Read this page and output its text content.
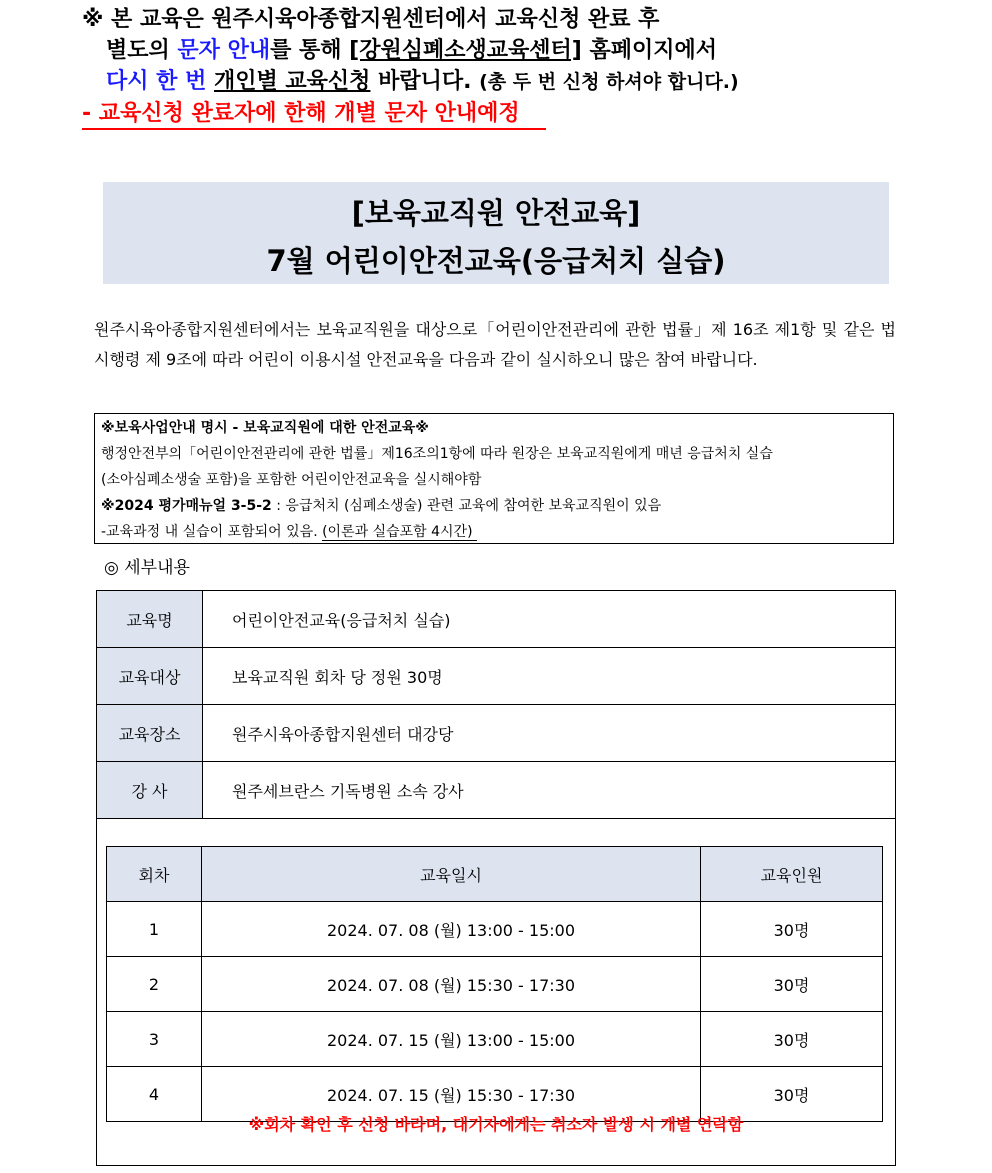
※ 본 교육은 원주시육아종합지원센터에서 교육신청 완료 후
별도의 문자 안내를 통해 [강원심폐소생교육센터] 홈페이지에서
다시 한 번 개인별 교육신청 바랍니다. (총 두 번 신청 하셔야 합니다.)
- 교육신청 완료자에 한해 개별 문자 안내예정
[보육교직원 안전교육]
7월 어린이안전교육(응급처치 실습)
원주시육아종합지원센터에서는 보육교직원을 대상으로「어린이안전관리에 관한 법률」제 16조 제1항 및 같은 법 시행령 제 9조에 따라 어린이 이용시설 안전교육을 다음과 같이 실시하오니 많은 참여 바랍니다.
※보육사업안내 명시 - 보육교직원에 대한 안전교육※
행정안전부의「어린이안전관리에 관한 법률」제16조의1항에 따라 원장은 보육교직원에게 매년 응급처치 실습
(소아심폐소생술 포함)을 포함한 어린이안전교육을 실시해야함
※2024 평가매뉴얼 3-5-2 : 응급처치 (심폐소생술) 관련 교육에 참여한 보육교직원이 있음
-교육과정 내 실습이 포함되어 있음. (이론과 실습포함 4시간)
◎ 세부내용
교육명	어린이안전교육(응급처치 실습)
교육대상	보육교직원 회차 당 정원 30명
교육장소	원주시육아종합지원센터 대강당
강 사	원주세브란스 기독병원 소속 강사
회차	교육일시	교육인원
1	2024. 07. 08 (월) 13:00 - 15:00	30명
2	2024. 07. 08 (월) 15:30 - 17:30	30명
3	2024. 07. 15 (월) 13:00 - 15:00	30명
4	2024. 07. 15 (월) 15:30 - 17:30	30명
※회차 확인 후 신청 바라며, 대기자에게는 취소자 발생 시 개별 연락함
